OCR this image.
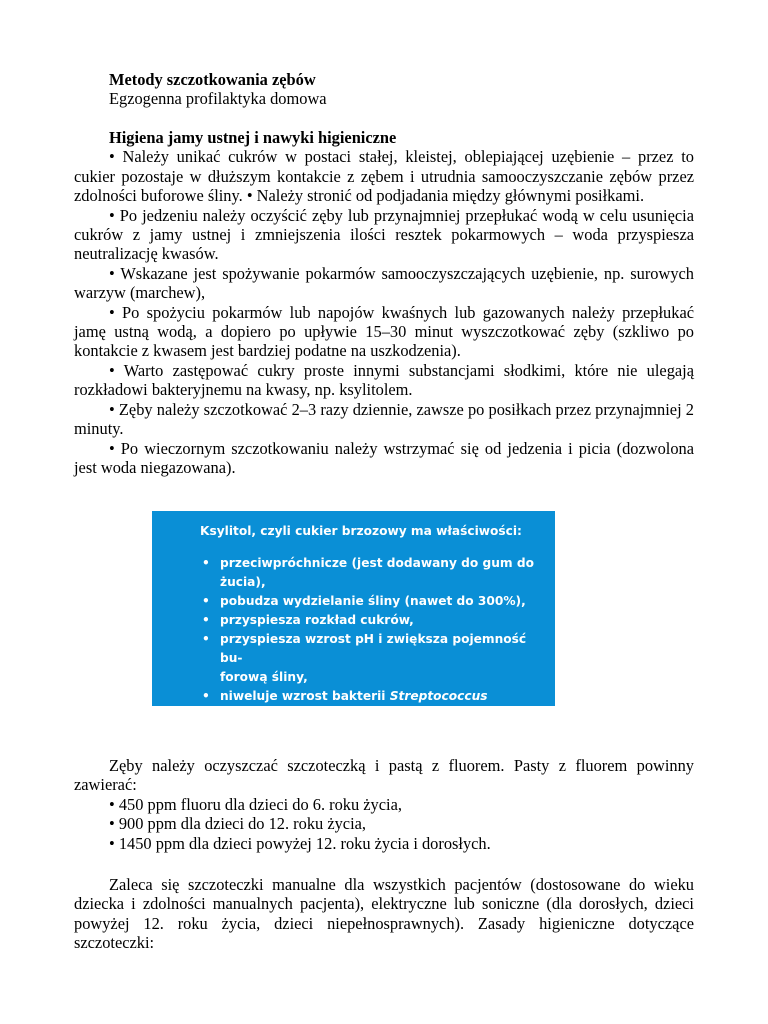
Metody szczotkowania zębów
Egzogenna profilaktyka domowa
Higiena jamy ustnej i nawyki higieniczne

• Należy unikać cukrów w postaci stałej, kleistej, oblepiającej uzębienie – przez to cukier pozostaje w dłuższym kontakcie z zębem i utrudnia samooczyszczanie zębów przez zdolności buforowe śliny. • Należy stronić od podjadania między głównymi posiłkami.

• Po jedzeniu należy oczyścić zęby lub przynajmniej przepłukać wodą w celu usunięcia cukrów z jamy ustnej i zmniejszenia ilości resztek pokarmowych – woda przyspiesza neutralizację kwasów.

• Wskazane jest spożywanie pokarmów samooczyszczających uzębienie, np. surowych warzyw (marchew),

• Po spożyciu pokarmów lub napojów kwaśnych lub gazowanych należy przepłukać jamę ustną wodą, a dopiero po upływie 15‒30 minut wyszczotkować zęby (szkliwo po kontakcie z kwasem jest bardziej podatne na uszkodzenia).

• Warto zastępować cukry proste innymi substancjami słodkimi, które nie ulegają rozkładowi bakteryjnemu na kwasy, np. ksylitolem.

• Zęby należy szczotkować 2‒3 razy dziennie, zawsze po posiłkach przez przynajmniej 2 minuty.

• Po wieczornym szczotkowaniu należy wstrzymać się od jedzenia i picia (dozwolona jest woda niegazowana).

Ksylitol, czyli cukier brzozowy ma właściwości:
• przeciwpróchnicze (jest dodawany do gum do żucia),
• pobudza wydzielanie śliny (nawet do 300%),
• przyspiesza rozkład cukrów,
• przyspiesza wzrost pH i zwiększa pojemność bu-
forową śliny,
• niweluje wzrost bakterii Streptococcus mutans,
które żyją tylko w zakwaszonej płytce.

Zęby należy oczyszczać szczoteczką i pastą z fluorem. Pasty z fluorem powinny zawierać:

• 450 ppm fluoru dla dzieci do 6. roku życia,
• 900 ppm dla dzieci do 12. roku życia,
• 1450 ppm dla dzieci powyżej 12. roku życia i dorosłych.

Zaleca się szczoteczki manualne dla wszystkich pacjentów (dostosowane do wieku dziecka i zdolności manualnych pacjenta), elektryczne lub soniczne (dla dorosłych, dzieci powyżej 12. roku życia, dzieci niepełnosprawnych). Zasady higieniczne dotyczące szczoteczki:
